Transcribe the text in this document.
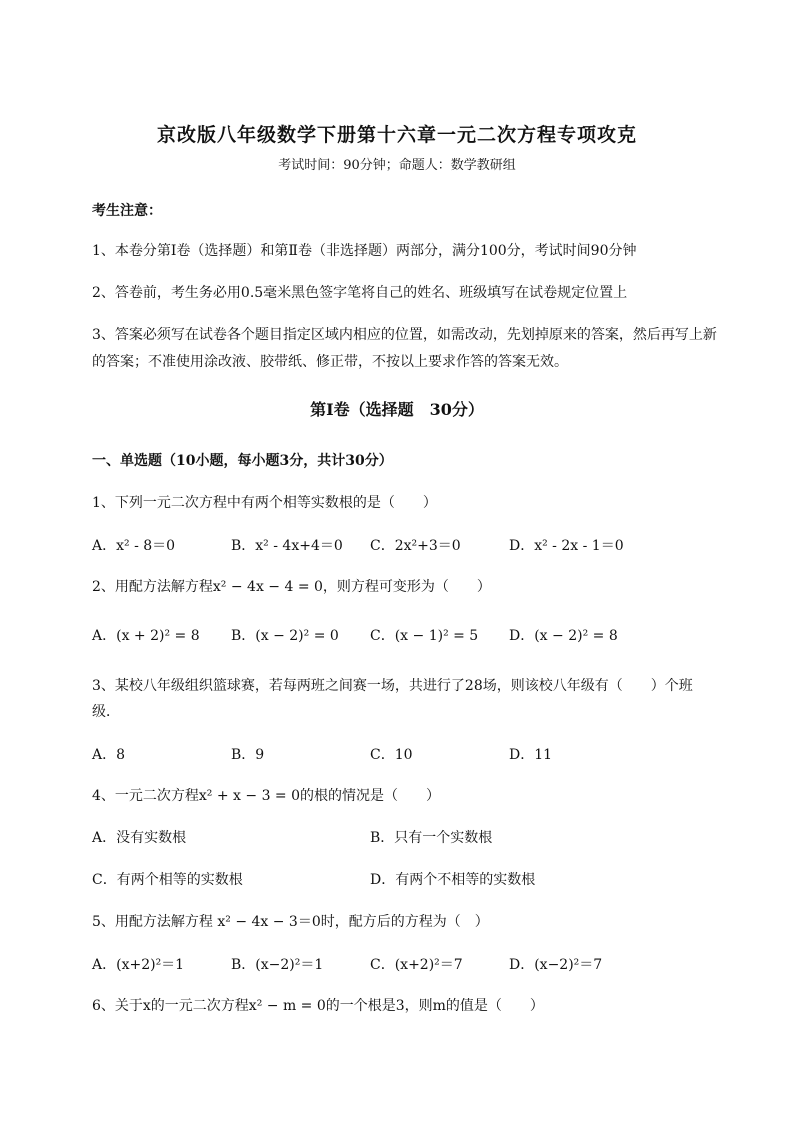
京改版八年级数学下册第十六章一元二次方程专项攻克
考试时间：90分钟；命题人：数学教研组
考生注意：
1、本卷分第I卷（选择题）和第Ⅱ卷（非选择题）两部分，满分100分，考试时间90分钟
2、答卷前，考生务必用0.5毫米黑色签字笔将自己的姓名、班级填写在试卷规定位置上
3、答案必须写在试卷各个题目指定区域内相应的位置，如需改动，先划掉原来的答案，然后再写上新
的答案；不准使用涂改液、胶带纸、修正带，不按以上要求作答的答案无效。
第I卷（选择题　30分）
一、单选题（10小题，每小题3分，共计30分）
1、下列一元二次方程中有两个相等实数根的是（　　）
A．x² - 8＝0	B．x² - 4x+4＝0 C．2x²+3＝0	D．x² - 2x - 1＝0
2、用配方法解方程x² − 4x − 4 = 0，则方程可变形为（　　）
A．(x + 2)² = 8 B．(x − 2)² = 0 C．(x − 1)² = 5 D．(x − 2)² = 8
3、某校八年级组织篮球赛，若每两班之间赛一场，共进行了28场，则该校八年级有（　　）个班
级．
A．8	B．9	C．10	D．11
4、一元二次方程x² + x − 3 = 0的根的情况是（　　）
A．没有实数根	B．只有一个实数根
C．有两个相等的实数根	D．有两个不相等的实数根
5、用配方法解方程 x² − 4x − 3＝0时，配方后的方程为（　）
A．(x+2)²＝1	B．(x−2)²＝1	C．(x+2)²＝7	D．(x−2)²＝7
6、关于x的一元二次方程x² − m = 0的一个根是3，则m的值是（　　）
